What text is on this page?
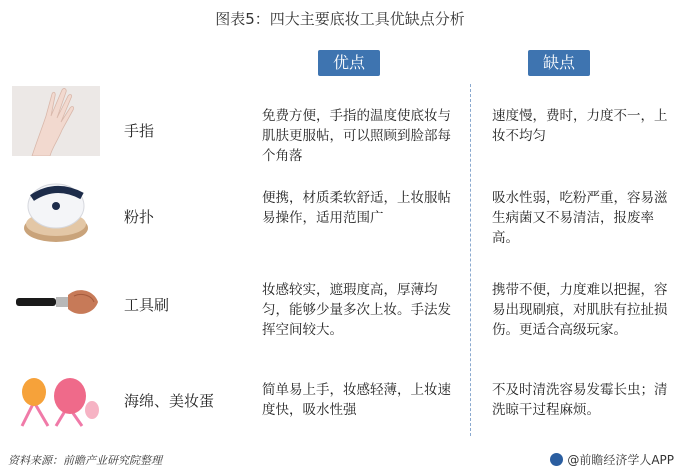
图表5：四大主要底妆工具优缺点分析
优点	缺点
手指
免费方便，手指的温度使底妆与肌肤更服帖，可以照顾到脸部每个角落
速度慢，费时，力度不一，上妆不均匀
粉扑
便携，材质柔软舒适，上妆服帖易操作，适用范围广
吸水性弱，吃粉严重，容易滋生病菌又不易清洁，报废率高。
工具刷
妆感较实，遮瑕度高，厚薄均匀，能够少量多次上妆。手法发挥空间较大。
携带不便，力度难以把握，容易出现刷痕，对肌肤有拉扯损伤。更适合高级玩家。
海绵、美妆蛋
简单易上手，妆感轻薄，上妆速度快，吸水性强
不及时清洗容易发霉长虫；清洗晾干过程麻烦。
资料来源：前瞻产业研究院整理	@前瞻经济学人APP
